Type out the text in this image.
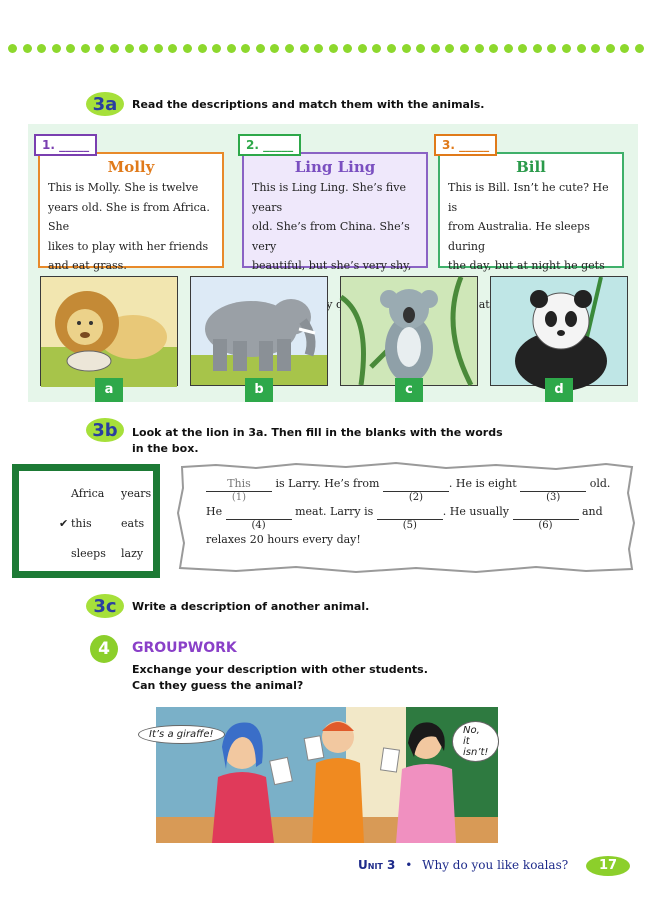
3a	Read the descriptions and match them with the animals.
Molly
This is Molly. She is twelve
years old. She is from Africa. She
likes to play with her friends
and eat grass.
1. _____
Ling Ling
This is Ling Ling. She’s five years
old. She’s from China. She’s very
beautiful, but she’s very shy,
2. _____
Bill
This is Bill. Isn’t he cute? He is
from Australia. He sleeps during
the day, but at night he gets
eats
3. _____
a	b	c	d
3b	Look at the lion in 3a. Then fill in the blanks with the words
in the box.
Africa years
✔ this	eats
sleeps lazy
This
(1)
is Larry. He’s from
(2)
. He is eight
(3)
old.
He
(4)
meat. Larry is
(5)
. He usually
(6)
and
relaxes 20 hours every day!
3c	Write a description of another animal.
4	GROUPWORK
Exchange your description with other students.
Can they guess the animal?
It’s a giraffe!	No, it isn’t!
Unit 3 • Why do you like koalas?	17
